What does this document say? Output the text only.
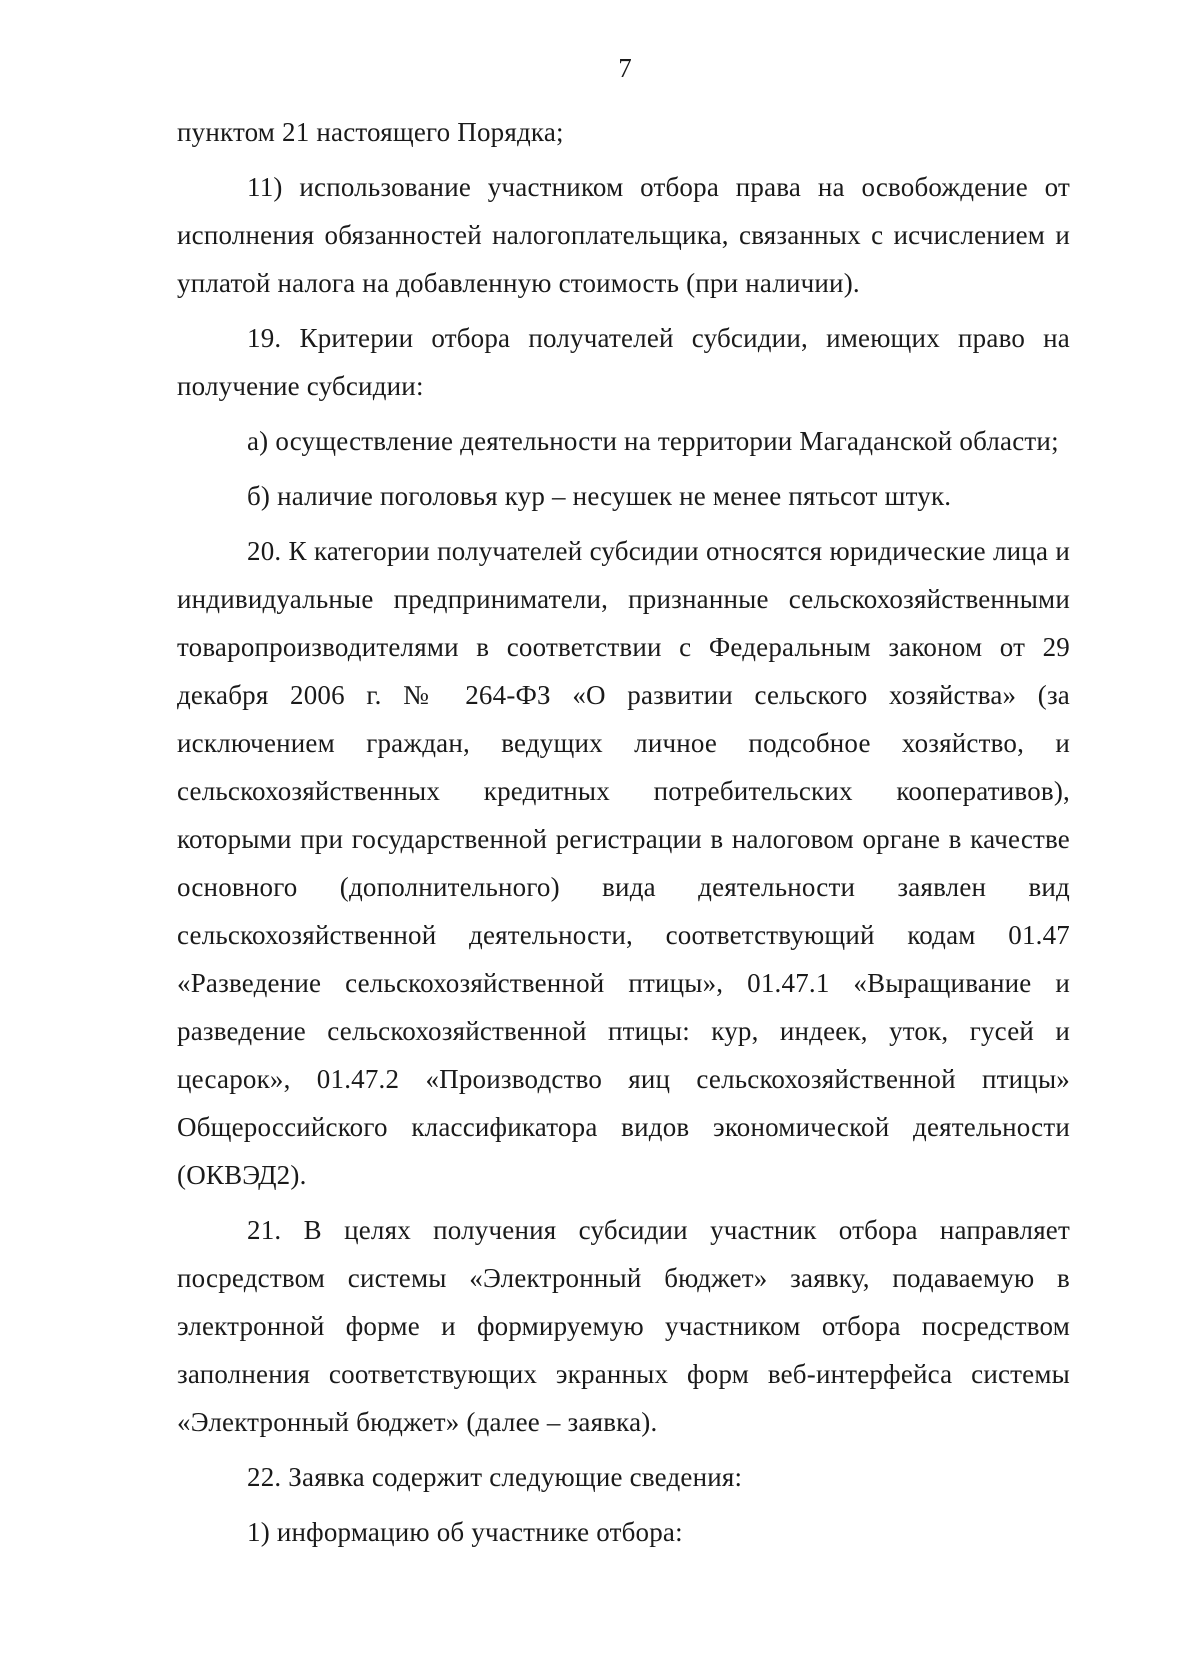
7

пунктом 21 настоящего Порядка;

11) использование участником отбора права на освобождение от исполнения обязанностей налогоплательщика, связанных с исчислением и уплатой налога на добавленную стоимость (при наличии).

19. Критерии отбора получателей субсидии, имеющих право на получение субсидии:

а) осуществление деятельности на территории Магаданской области;

б) наличие поголовья кур – несушек не менее пятьсот штук.

20. К категории получателей субсидии относятся юридические лица и индивидуальные предприниматели, признанные сельскохозяйственными товаропроизводителями в соответствии с Федеральным законом от 29 декабря 2006 г. № 264-ФЗ «О развитии сельского хозяйства» (за исключением граждан, ведущих личное подсобное хозяйство, и сельскохозяйственных кредитных потребительских кооперативов), которыми при государственной регистрации в налоговом органе в качестве основного (дополнительного) вида деятельности заявлен вид сельскохозяйственной деятельности, соответствующий кодам 01.47 «Разведение сельскохозяйственной птицы», 01.47.1 «Выращивание и разведение сельскохозяйственной птицы: кур, индеек, уток, гусей и цесарок», 01.47.2 «Производство яиц сельскохозяйственной птицы» Общероссийского классификатора видов экономической деятельности (ОКВЭД2).

21. В целях получения субсидии участник отбора направляет посредством системы «Электронный бюджет» заявку, подаваемую в электронной форме и формируемую участником отбора посредством заполнения соответствующих экранных форм веб-интерфейса системы «Электронный бюджет» (далее – заявка).

22. Заявка содержит следующие сведения:

1) информацию об участнике отбора:
